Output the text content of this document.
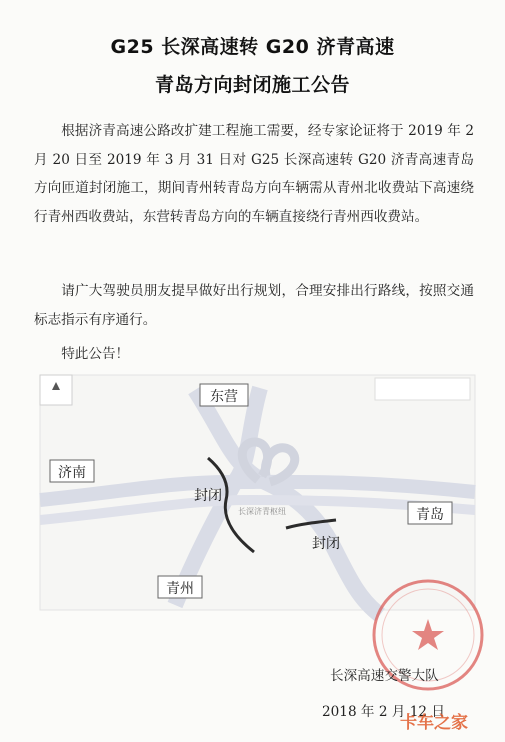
G25 长深高速转 G20 济青高速
青岛方向封闭施工公告
根据济青高速公路改扩建工程施工需要，经专家论证将于 2019 年 2 月 20 日至 2019 年 3 月 31 日对 G25 长深高速转 G20 济青高速青岛方向匝道封闭施工，期间青州转青岛方向车辆需从青州北收费站下高速绕行青州西收费站，东营转青岛方向的车辆直接绕行青州西收费站。
请广大驾驶员朋友提早做好出行规划，合理安排出行路线，按照交通标志指示有序通行。
特此公告！
东营
济南
青岛
青州
封闭
封闭
长深济青枢纽
长深高速交警大队
2018 年 2 月 12 日
卡车之家
